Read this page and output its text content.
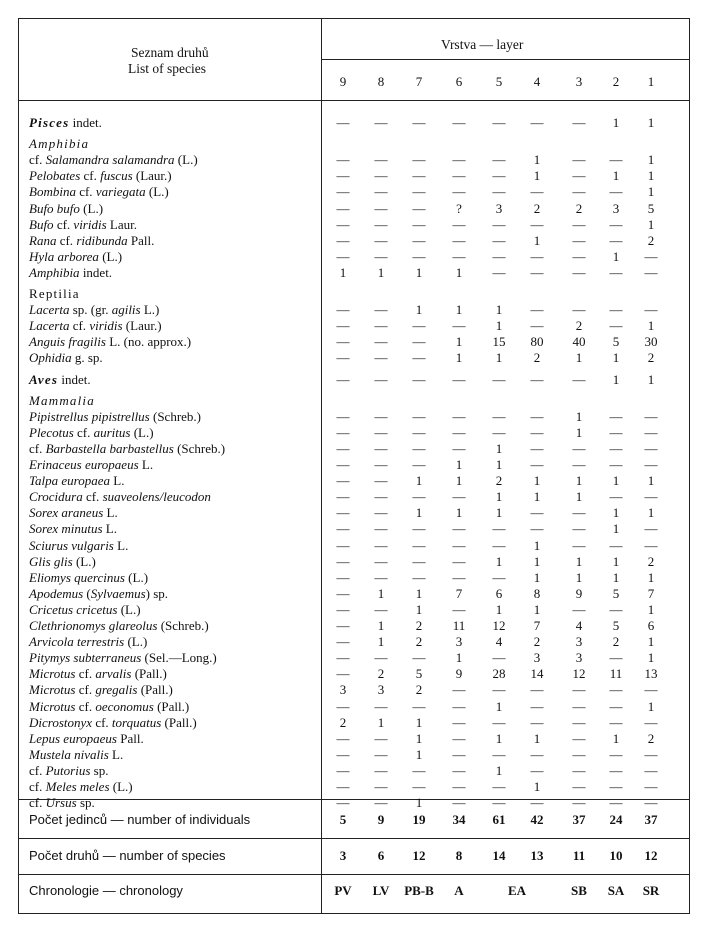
Seznam druhů
List of species
Vrstva — layer
9	8	7	6	5	4	3	2	1
Pisces indet.	—	—	—	—	—	—	—	1	1
Amphibia
cf. Salamandra salamandra (L.)	—	—	—	—	—	1	—	—	1
Pelobates cf. fuscus (Laur.)	—	—	—	—	—	1	—	1	1
Bombina cf. variegata (L.)	—	—	—	—	—	—	—	—	1
Bufo bufo (L.)	—	—	—	?	3	2	2	3	5
Bufo cf. viridis Laur.	—	—	—	—	—	—	—	—	1
Rana cf. ridibunda Pall.	—	—	—	—	—	1	—	—	2
Hyla arborea (L.)	—	—	—	—	—	—	—	1	—
Amphibia indet.	1	1	1	1	—	—	—	—	—
Reptilia
Lacerta sp. (gr. agilis L.)	—	—	1	1	1	—	—	—	—
Lacerta cf. viridis (Laur.)	—	—	—	—	1	—	2	—	1
Anguis fragilis L. (no. approx.)	—	—	—	1	15	80	40	5	30
Ophidia g. sp.	—	—	—	1	1	2	1	1	2
Aves indet.	—	—	—	—	—	—	—	1	1
Mammalia
Pipistrellus pipistrellus (Schreb.)	—	—	—	—	—	—	1	—	—
Plecotus cf. auritus (L.)	—	—	—	—	—	—	1	—	—
cf. Barbastella barbastellus (Schreb.)	—	—	—	—	1	—	—	—	—
Erinaceus europaeus L.	—	—	—	1	1	—	—	—	—
Talpa europaea L.	—	—	1	1	2	1	1	1	1
Crocidura cf. suaveolens/leucodon	—	—	—	—	1	1	1	—	—
Sorex araneus L.	—	—	1	1	1	—	—	1	1
Sorex minutus L.	—	—	—	—	—	—	—	1	—
Sciurus vulgaris L.	—	—	—	—	—	1	—	—	—
Glis glis (L.)	—	—	—	—	1	1	1	1	2
Eliomys quercinus (L.)	—	—	—	—	—	1	1	1	1
Apodemus (Sylvaemus) sp.	—	1	1	7	6	8	9	5	7
Cricetus cricetus (L.)	—	—	1	—	1	1	—	—	1
Clethrionomys glareolus (Schreb.)	—	1	2	11	12	7	4	5	6
Arvicola terrestris (L.)	—	1	2	3	4	2	3	2	1
Pitymys subterraneus (Sel.—Long.)	—	—	—	1	—	3	3	—	1
Microtus cf. arvalis (Pall.)	—	2	5	9	28	14	12	11	13
Microtus cf. gregalis (Pall.)	3	3	2	—	—	—	—	—	—
Microtus cf. oeconomus (Pall.)	—	—	—	—	1	—	—	—	1
Dicrostonyx cf. torquatus (Pall.)	2	1	1	—	—	—	—	—	—
Lepus europaeus Pall.	—	—	1	—	1	1	—	1	2
Mustela nivalis L.	—	—	1	—	—	—	—	—	—
cf. Putorius sp.	—	—	—	—	1	—	—	—	—
cf. Meles meles (L.)	—	—	—	—	—	1	—	—	—
cf. Ursus sp.	—	—	1	—	—	—	—	—	—
Počet jedinců — number of individuals	5	9	19	34	61	42	37	24	37
Počet druhů — number of species	3	6	12	8	14	13	11	10	12
Chronologie — chronology	PV	LV	PB-B	A	EA	SB	SA	SR
